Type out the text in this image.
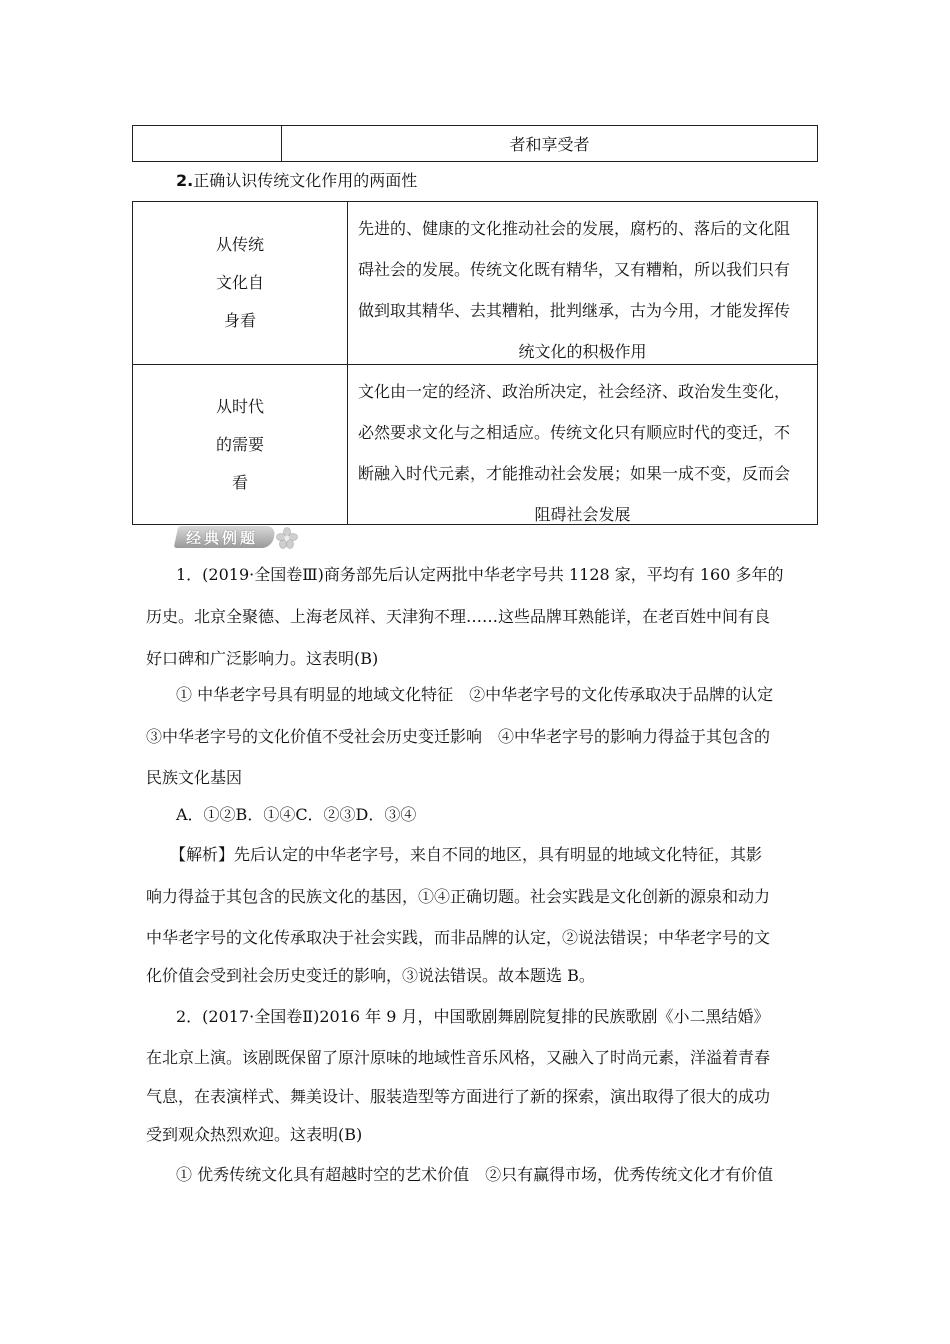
者和享受者
2.正确认识传统文化作用的两面性
从传统
文化自
身看
先进的、健康的文化推动社会的发展，腐朽的、落后的文化阻
碍社会的发展。传统文化既有精华，又有糟粕，所以我们只有
做到取其精华、去其糟粕，批判继承，古为今用，才能发挥传
统文化的积极作用
从时代
的需要
看
文化由一定的经济、政治所决定，社会经济、政治发生变化，
必然要求文化与之相适应。传统文化只有顺应时代的变迁，不
断融入时代元素，才能推动社会发展；如果一成不变，反而会
阻碍社会发展
经典例题
1．(2019·全国卷Ⅲ)商务部先后认定两批中华老字号共 1128 家，平均有 160 多年的
历史。北京全聚德、上海老凤祥、天津狗不理……这些品牌耳熟能详，在老百姓中间有良
好口碑和广泛影响力。这表明(B)
① 中华老字号具有明显的地域文化特征　②中华老字号的文化传承取决于品牌的认定
③中华老字号的文化价值不受社会历史变迁影响　④中华老字号的影响力得益于其包含的
民族文化基因
A．①②B．①④C．②③D．③④
【解析】先后认定的中华老字号，来自不同的地区，具有明显的地域文化特征，其影
响力得益于其包含的民族文化的基因，①④正确切题。社会实践是文化创新的源泉和动力
中华老字号的文化传承取决于社会实践，而非品牌的认定，②说法错误；中华老字号的文
化价值会受到社会历史变迁的影响，③说法错误。故本题选 B。
2．(2017·全国卷Ⅱ)2016 年 9 月，中国歌剧舞剧院复排的民族歌剧《小二黑结婚》
在北京上演。该剧既保留了原汁原味的地域性音乐风格，又融入了时尚元素，洋溢着青春
气息，在表演样式、舞美设计、服装造型等方面进行了新的探索，演出取得了很大的成功
受到观众热烈欢迎。这表明(B)
① 优秀传统文化具有超越时空的艺术价值　②只有赢得市场，优秀传统文化才有价值
